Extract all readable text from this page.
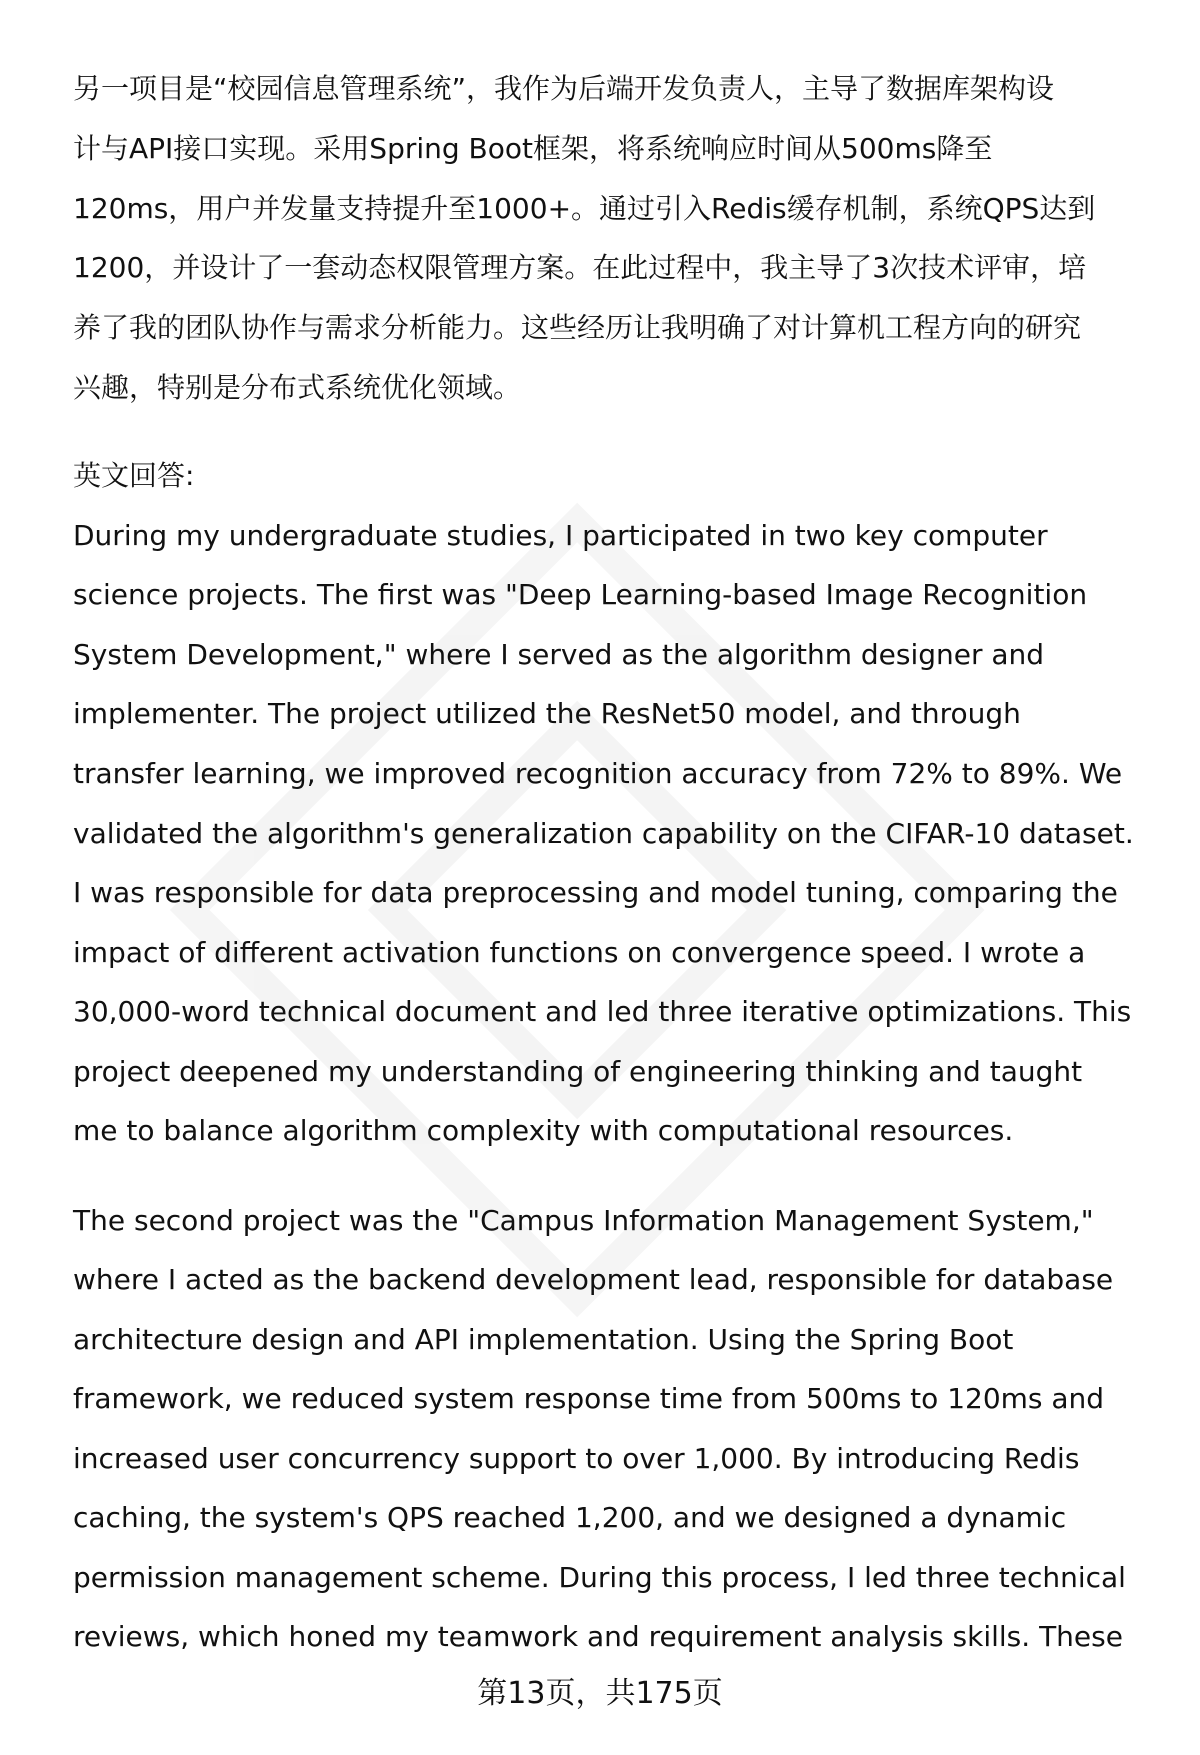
另一项目是“校园信息管理系统”，我作为后端开发负责人，主导了数据库架构设
计与API接口实现。采用Spring Boot框架，将系统响应时间从500ms降至
120ms，用户并发量支持提升至1000+。通过引入Redis缓存机制，系统QPS达到
1200，并设计了一套动态权限管理方案。在此过程中，我主导了3次技术评审，培
养了我的团队协作与需求分析能力。这些经历让我明确了对计算机工程方向的研究
兴趣，特别是分布式系统优化领域。
英文回答:
During my undergraduate studies, I participated in two key computer
science projects. The first was "Deep Learning-based Image Recognition
System Development," where I served as the algorithm designer and
implementer. The project utilized the ResNet50 model, and through
transfer learning, we improved recognition accuracy from 72% to 89%. We
validated the algorithm's generalization capability on the CIFAR-10 dataset.
I was responsible for data preprocessing and model tuning, comparing the
impact of different activation functions on convergence speed. I wrote a
30,000-word technical document and led three iterative optimizations. This
project deepened my understanding of engineering thinking and taught
me to balance algorithm complexity with computational resources.
The second project was the "Campus Information Management System,"
where I acted as the backend development lead, responsible for database
architecture design and API implementation. Using the Spring Boot
framework, we reduced system response time from 500ms to 120ms and
increased user concurrency support to over 1,000. By introducing Redis
caching, the system's QPS reached 1,200, and we designed a dynamic
permission management scheme. During this process, I led three technical
reviews, which honed my teamwork and requirement analysis skills. These
第13页，共175页
